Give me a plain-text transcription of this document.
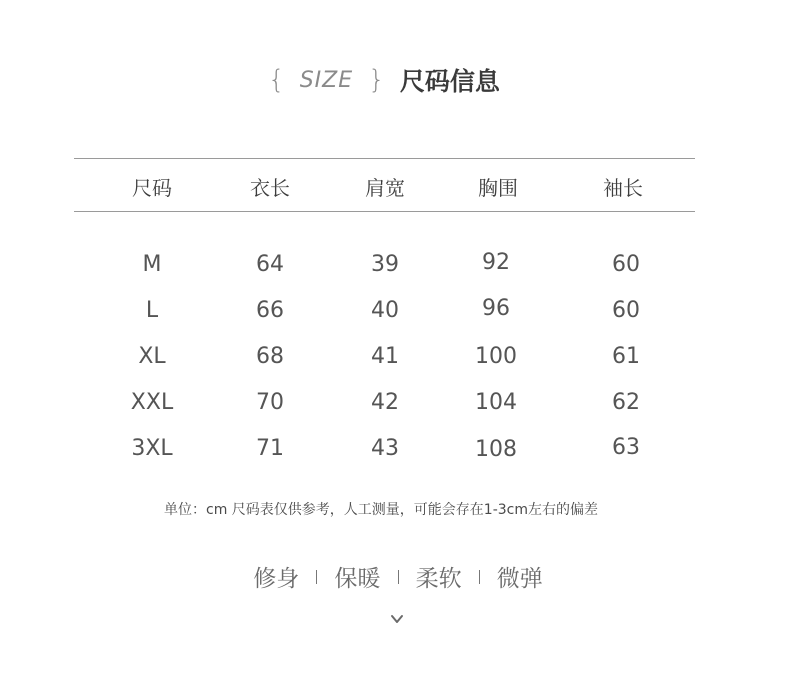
{ SIZE } 尺码信息
尺码	衣长	肩宽	胸围	袖长
M	64	39	92	60
L	66	40	96	60
XL	68	41	100	61
XXL	70	42	104	62
3XL	71	43	108	63
单位：cm 尺码表仅供参考，人工测量，可能会存在1-3cm左右的偏差
修身 保暖 柔软 微弹
